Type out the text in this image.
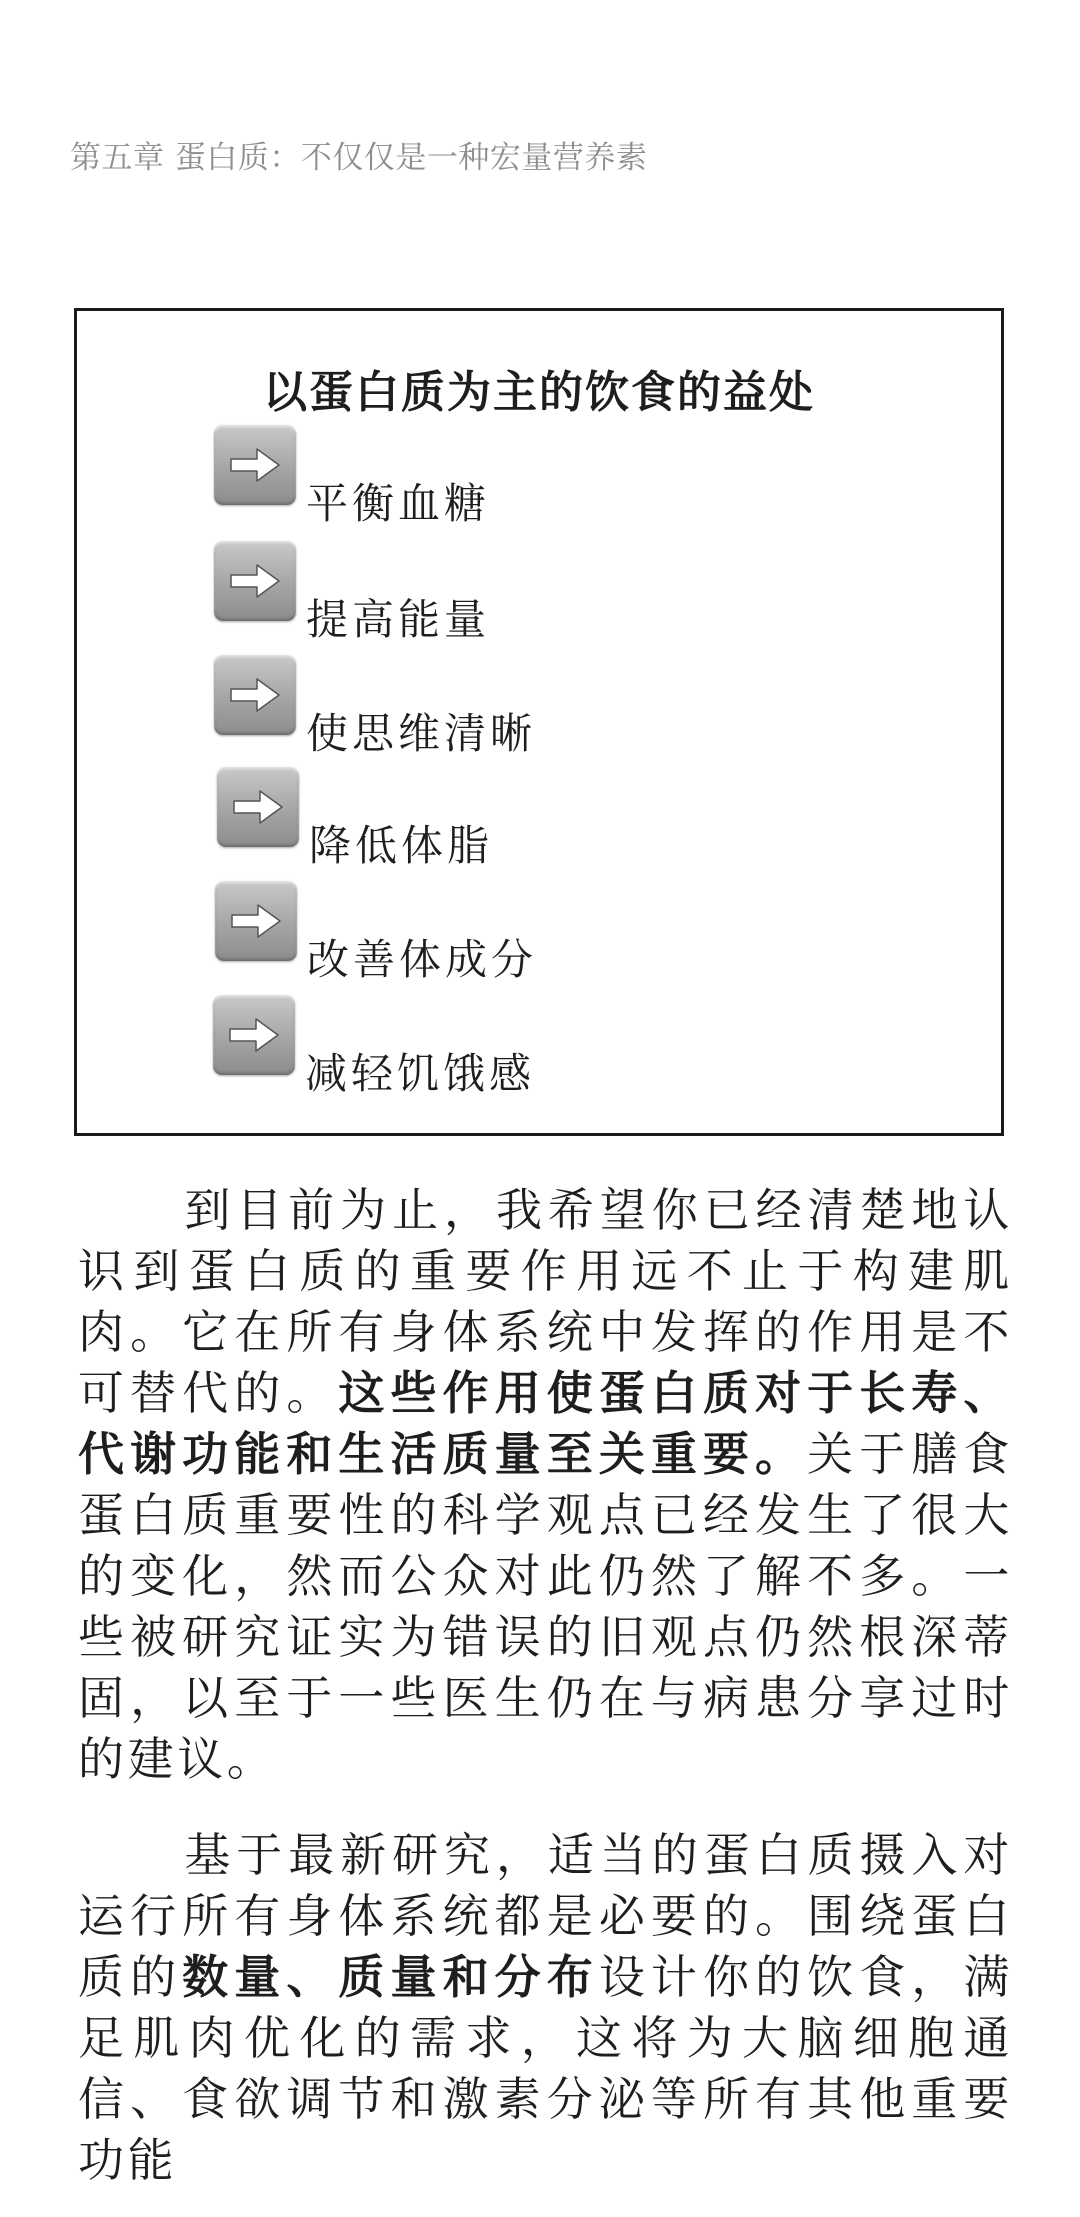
第五章 蛋白质：不仅仅是一种宏量营养素
以蛋白质为主的饮食的益处
平衡血糖
提高能量
使思维清晰
降低体脂
改善体成分
减轻饥饿感

到目前为止，我希望你已经清楚地认识到蛋白质的重要作用远不止于构建肌肉。它在所有身体系统中发挥的作用是不可替代的。这些作用使蛋白质对于长寿、代谢功能和生活质量至关重要。关于膳食蛋白质重要性的科学观点已经发生了很大的变化，然而公众对此仍然了解不多。一些被研究证实为错误的旧观点仍然根深蒂固，以至于一些医生仍在与病患分享过时的建议。

基于最新研究，适当的蛋白质摄入对运行所有身体系统都是必要的。围绕蛋白质的数量、质量和分布设计你的饮食，满足肌肉优化的需求，这将为大脑细胞通信、食欲调节和激素分泌等所有其他重要功能
